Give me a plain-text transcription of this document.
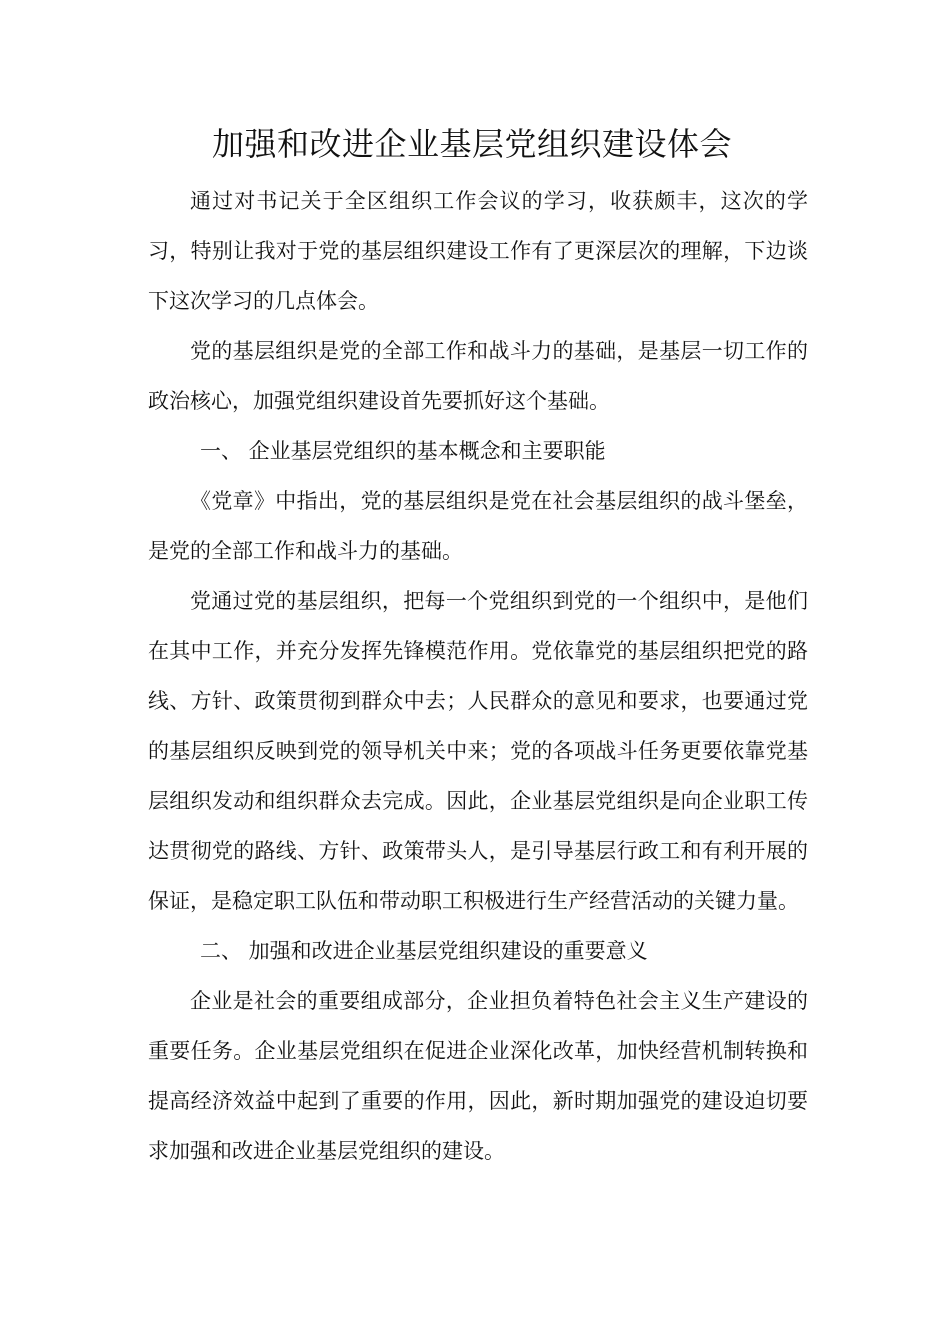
加强和改进企业基层党组织建设体会

通过对书记关于全区组织工作会议的学习，收获颇丰，这次的学习，特别让我对于党的基层组织建设工作有了更深层次的理解，下边谈下这次学习的几点体会。

党的基层组织是党的全部工作和战斗力的基础，是基层一切工作的政治核心，加强党组织建设首先要抓好这个基础。

一、 企业基层党组织的基本概念和主要职能

《党章》中指出，党的基层组织是党在社会基层组织的战斗堡垒，是党的全部工作和战斗力的基础。

党通过党的基层组织，把每一个党组织到党的一个组织中，是他们在其中工作，并充分发挥先锋模范作用。党依靠党的基层组织把党的路线、方针、政策贯彻到群众中去；人民群众的意见和要求，也要通过党的基层组织反映到党的领导机关中来；党的各项战斗任务更要依靠党基层组织发动和组织群众去完成。因此，企业基层党组织是向企业职工传达贯彻党的路线、方针、政策带头人，是引导基层行政工和有利开展的保证，是稳定职工队伍和带动职工积极进行生产经营活动的关键力量。

二、 加强和改进企业基层党组织建设的重要意义

企业是社会的重要组成部分，企业担负着特色社会主义生产建设的重要任务。企业基层党组织在促进企业深化改革，加快经营机制转换和提高经济效益中起到了重要的作用，因此，新时期加强党的建设迫切要求加强和改进企业基层党组织的建设。
